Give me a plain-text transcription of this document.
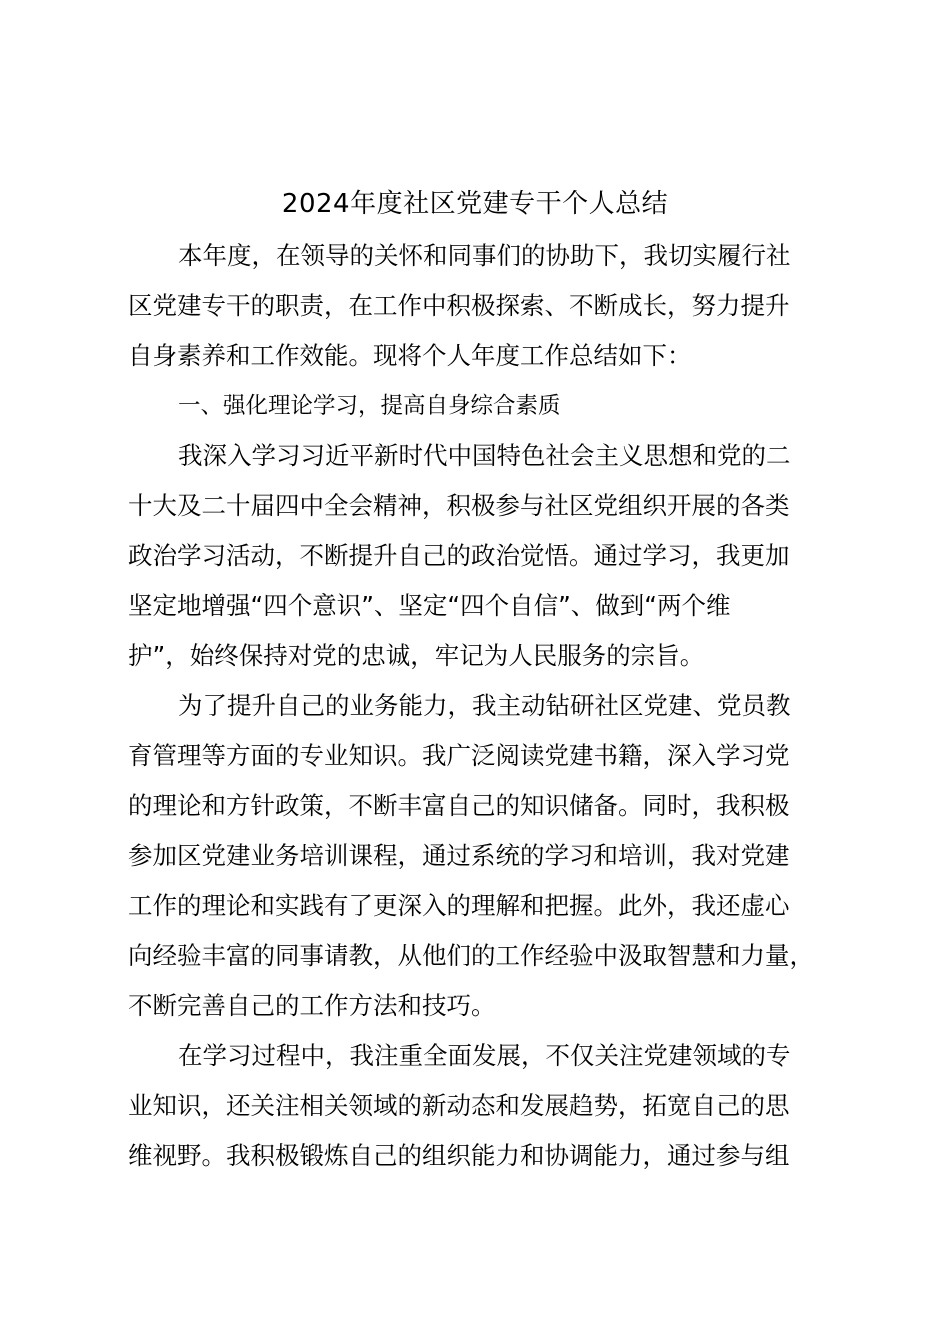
2024年度社区党建专干个人总结
本年度，在领导的关怀和同事们的协助下，我切实履行社
区党建专干的职责，在工作中积极探索、不断成长，努力提升
自身素养和工作效能。现将个人年度工作总结如下：
一、强化理论学习，提高自身综合素质
我深入学习习近平新时代中国特色社会主义思想和党的二
十大及二十届四中全会精神，积极参与社区党组织开展的各类
政治学习活动，不断提升自己的政治觉悟。通过学习，我更加
坚定地增强“四个意识”、坚定“四个自信”、做到“两个维
护”，始终保持对党的忠诚，牢记为人民服务的宗旨。
为了提升自己的业务能力，我主动钻研社区党建、党员教
育管理等方面的专业知识。我广泛阅读党建书籍，深入学习党
的理论和方针政策，不断丰富自己的知识储备。同时，我积极
参加区党建业务培训课程，通过系统的学习和培训，我对党建
工作的理论和实践有了更深入的理解和把握。此外，我还虚心
向经验丰富的同事请教，从他们的工作经验中汲取智慧和力量，
不断完善自己的工作方法和技巧。
在学习过程中，我注重全面发展，不仅关注党建领域的专
业知识，还关注相关领域的新动态和发展趋势，拓宽自己的思
维视野。我积极锻炼自己的组织能力和协调能力，通过参与组
